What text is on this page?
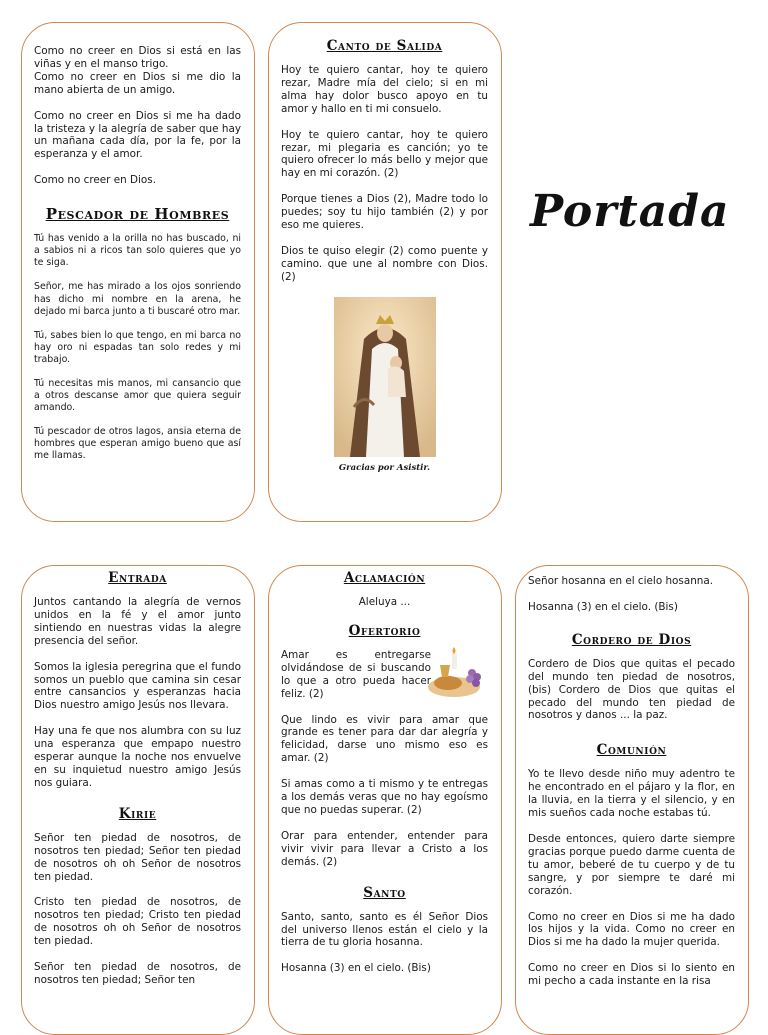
Como no creer en Dios si está en las viñas y en el manso trigo.
Como no creer en Dios si me dio la mano abierta de un amigo.

Como no creer en Dios si me ha dado la tristeza y la alegría de saber que hay un mañana cada día, por la fe, por la esperanza y el amor.

Como no creer en Dios.

Pescador de Hombres

Tú has venido a la orilla no has buscado, ni a sabios ni a ricos tan solo quieres que yo te siga.

Señor, me has mirado a los ojos sonriendo has dicho mi nombre en la arena, he dejado mi barca junto a ti buscaré otro mar.

Tú, sabes bien lo que tengo, en mi barca no hay oro ni espadas tan solo redes y mi trabajo.

Tú necesitas mis manos, mi cansancio que a otros descanse amor que quiera seguir amando.

Tú pescador de otros lagos, ansia eterna de hombres que esperan amigo bueno que así me llamas.

Canto de Salida

Hoy te quiero cantar, hoy te quiero rezar, Madre mía del cielo; si en mi alma hay dolor busco apoyo en tu amor y hallo en ti mi consuelo.

Hoy te quiero cantar, hoy te quiero rezar, mi plegaria es canción; yo te quiero ofrecer lo más bello y mejor que hay en mi corazón. (2)

Porque tienes a Dios (2), Madre todo lo puedes; soy tu hijo también (2) y por eso me quieres.

Dios te quiso elegir (2) como puente y camino. que une al nombre con Dios. (2)

Gracias por Asistir.
Portada
Entrada

Juntos cantando la alegría de vernos unidos en la fé y el amor junto sintiendo en nuestras vidas la alegre presencia del señor.

Somos la iglesia peregrina que el fundo somos un pueblo que camina sin cesar entre cansancios y esperanzas hacia Dios nuestro amigo Jesús nos llevara.

Hay una fe que nos alumbra con su luz una esperanza que empapo nuestro esperar aunque la noche nos envuelve en su inquietud nuestro amigo Jesús nos guiara.

Kirie

Señor ten piedad de nosotros, de nosotros ten piedad; Señor ten piedad de nosotros oh oh Señor de nosotros ten piedad.

Cristo ten piedad de nosotros, de nosotros ten piedad; Cristo ten piedad de nosotros oh oh Señor de nosotros ten piedad.

Señor ten piedad de nosotros, de nosotros ten piedad; Señor ten

Aclamación

Aleluya ...

Ofertorio

Amar es entregarse olvidándose de si buscando lo que a otro pueda hacer feliz. (2)

Que lindo es vivir para amar que grande es tener para dar dar alegría y felicidad, darse uno mismo eso es amar. (2)

Si amas como a ti mismo y te entregas a los demás veras que no hay egoísmo que no puedas superar. (2)

Orar para entender, entender para vivir vivir para llevar a Cristo a los demás. (2)

Santo

Santo, santo, santo es él Señor Dios del universo llenos están el cielo y la tierra de tu gloria hosanna.

Hosanna (3) en el cielo. (Bis)

Señor hosanna en el cielo hosanna.

Hosanna (3) en el cielo. (Bis)

Cordero de Dios

Cordero de Dios que quitas el pecado del mundo ten piedad de nosotros, (bis) Cordero de Dios que quitas el pecado del mundo ten piedad de nosotros y danos ... la paz.

Comunión

Yo te llevo desde niño muy adentro te he encontrado en el pájaro y la flor, en la lluvia, en la tierra y el silencio, y en mis sueños cada noche estabas tú.

Desde entonces, quiero darte siempre gracias porque puedo darme cuenta de tu amor, beberé de tu cuerpo y de tu sangre, y por siempre te daré mi corazón.

Como no creer en Dios si me ha dado los hijos y la vida. Como no creer en Dios si me ha dado la mujer querida.

Como no creer en Dios si lo siento en mi pecho a cada instante en la risa
